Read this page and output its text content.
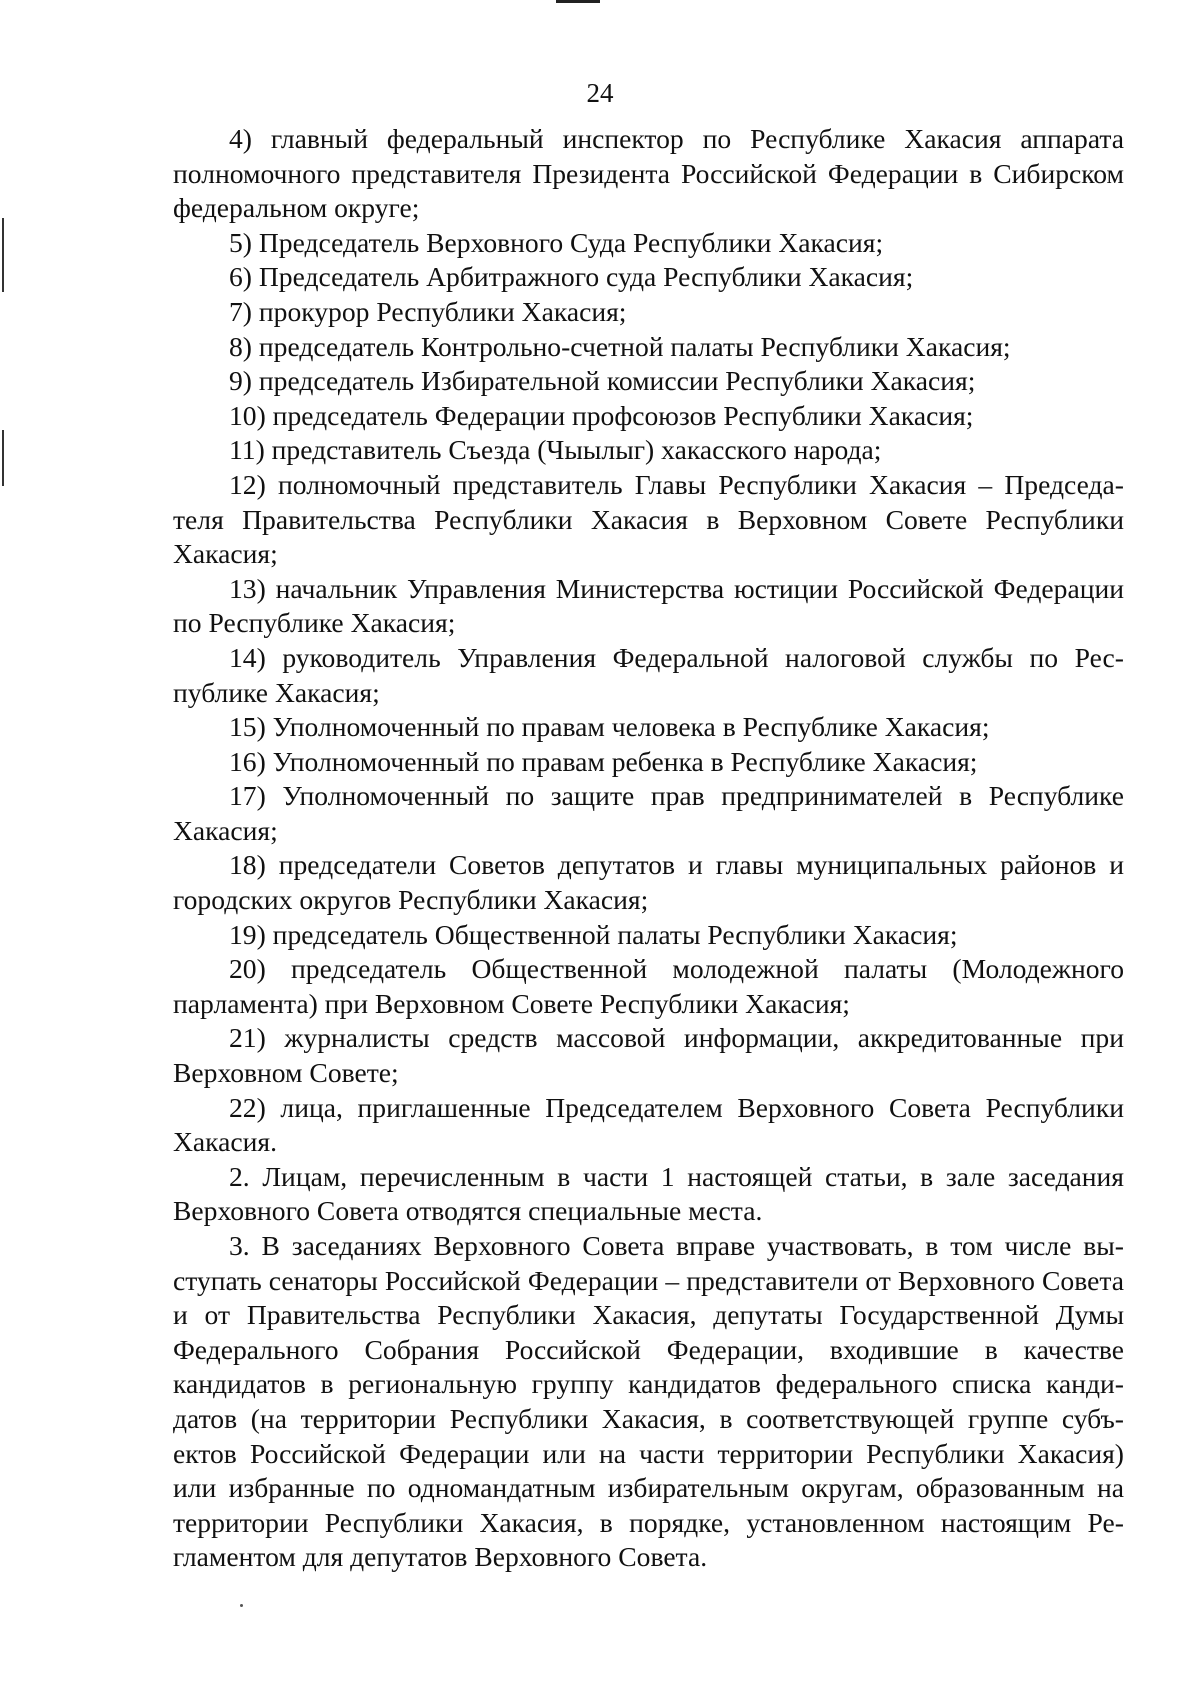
24

4) главный федеральный инспектор по Республике Хакасия аппарата полномочного представителя Президента Российской Федерации в Сибирском федеральном округе;

5) Председатель Верховного Суда Республики Хакасия;

6) Председатель Арбитражного суда Республики Хакасия;

7) прокурор Республики Хакасия;

8) председатель Контрольно-счетной палаты Республики Хакасия;

9) председатель Избирательной комиссии Республики Хакасия;

10) председатель Федерации профсоюзов Республики Хакасия;

11) представитель Съезда (Чыылыг) хакасского народа;

12) полномочный представитель Главы Республики Хакасия – Председателя Правительства Республики Хакасия в Верховном Совете Республики Хакасия;

13) начальник Управления Министерства юстиции Российской Федерации по Республике Хакасия;

14) руководитель Управления Федеральной налоговой службы по Республике Хакасия;

15) Уполномоченный по правам человека в Республике Хакасия;

16) Уполномоченный по правам ребенка в Республике Хакасия;

17) Уполномоченный по защите прав предпринимателей в Республике Хакасия;

18) председатели Советов депутатов и главы муниципальных районов и городских округов Республики Хакасия;

19) председатель Общественной палаты Республики Хакасия;

20) председатель Общественной молодежной палаты (Молодежного парламента) при Верховном Совете Республики Хакасия;

21) журналисты средств массовой информации, аккредитованные при Верховном Совете;

22) лица, приглашенные Председателем Верховного Совета Республики Хакасия.

2. Лицам, перечисленным в части 1 настоящей статьи, в зале заседания Верховного Совета отводятся специальные места.

3. В заседаниях Верховного Совета вправе участвовать, в том числе выступать сенаторы Российской Федерации – представители от Верховного Совета и от Правительства Республики Хакасия, депутаты Государственной Думы Федерального Собрания Российской Федерации, входившие в качестве кандидатов в региональную группу кандидатов федерального списка кандидатов (на территории Республики Хакасия, в соответствующей группе субъектов Российской Федерации или на части территории Республики Хакасия) или избранные по одномандатным избирательным округам, образованным на территории Республики Хакасия, в порядке, установленном настоящим Регламентом для депутатов Верховного Совета.
